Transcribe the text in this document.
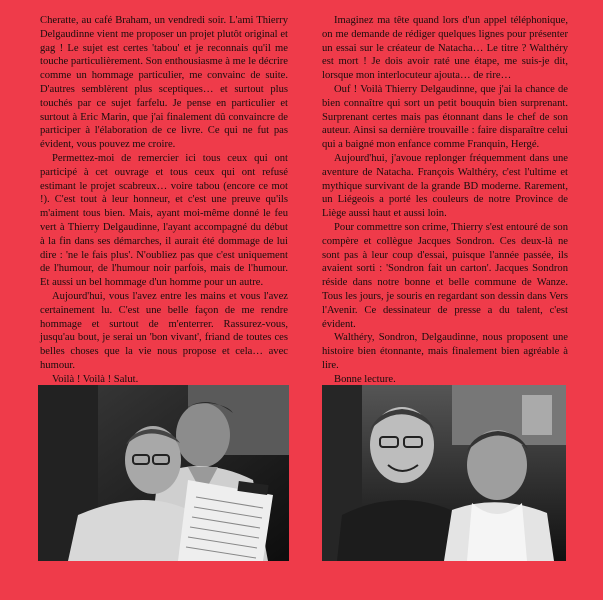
Cheratte, au café Braham, un vendredi soir. L'ami Thierry Delgaudinne vient me proposer un projet plutôt original et gag ! Le sujet est certes 'tabou' et je reconnais qu'il me touche particulièrement. Son enthousiasme à me le décrire comme un hommage particulier, me convainc de suite. D'autres semblèrent plus sceptiques… et surtout plus touchés par ce sujet farfelu. Je pense en particulier et surtout à Eric Marin, que j'ai finalement dû convaincre de participer à l'élaboration de ce livre. Ce qui ne fut pas évident, vous pouvez me croire.

Permettez-moi de remercier ici tous ceux qui ont participé à cet ouvrage et tous ceux qui ont refusé estimant le projet scabreux… voire tabou (encore ce mot !). C'est tout à leur honneur, et c'est une preuve qu'ils m'aiment tous bien. Mais, ayant moi-même donné le feu vert à Thierry Delgaudinne, l'ayant accompagné du début à la fin dans ses démarches, il aurait été dommage de lui dire : 'ne le fais plus'. N'oubliez pas que c'est uniquement de l'humour, de l'humour noir parfois, mais de l'humour. Et aussi un bel hommage d'un homme pour un autre.

Aujourd'hui, vous l'avez entre les mains et vous l'avez certainement lu. C'est une belle façon de me rendre hommage et surtout de m'enterrer. Rassurez-vous, jusqu'au bout, je serai un 'bon vivant', friand de toutes ces belles choses que la vie nous propose et cela… avec humour.

Voilà ! Voilà ! Salut.

Imaginez ma tête quand lors d'un appel téléphonique, on me demande de rédiger quelques lignes pour présenter un essai sur le créateur de Natacha… Le titre ? Walthéry est mort ! Je dois avoir raté une étape, me suis-je dit, lorsque mon interlocuteur ajouta… de rire…

Ouf ! Voilà Thierry Delgaudinne, que j'ai la chance de bien connaître qui sort un petit bouquin bien surprenant. Surprenant certes mais pas étonnant dans le chef de son auteur. Ainsi sa dernière trouvaille : faire disparaître celui qui a baigné mon enfance comme Franquin, Hergé.

Aujourd'hui, j'avoue replonger fréquemment dans une aventure de Natacha. François Walthéry, c'est l'ultime et mythique survivant de la grande BD moderne. Rarement, un Liégeois a porté les couleurs de notre Province de Liège aussi haut et aussi loin.

Pour commettre son crime, Thierry s'est entouré de son compère et collègue Jacques Sondron. Ces deux-là ne sont pas à leur coup d'essai, puisque l'année passée, ils avaient sorti : 'Sondron fait un carton'. Jacques Sondron réside dans notre bonne et belle commune de Wanze. Tous les jours, je souris en regardant son dessin dans Vers l'Avenir. Ce dessinateur de presse a du talent, c'est évident.

Walthéry, Sondron, Delgaudinne, nous proposent une histoire bien étonnante, mais finalement bien agréable à lire.

Bonne lecture.
